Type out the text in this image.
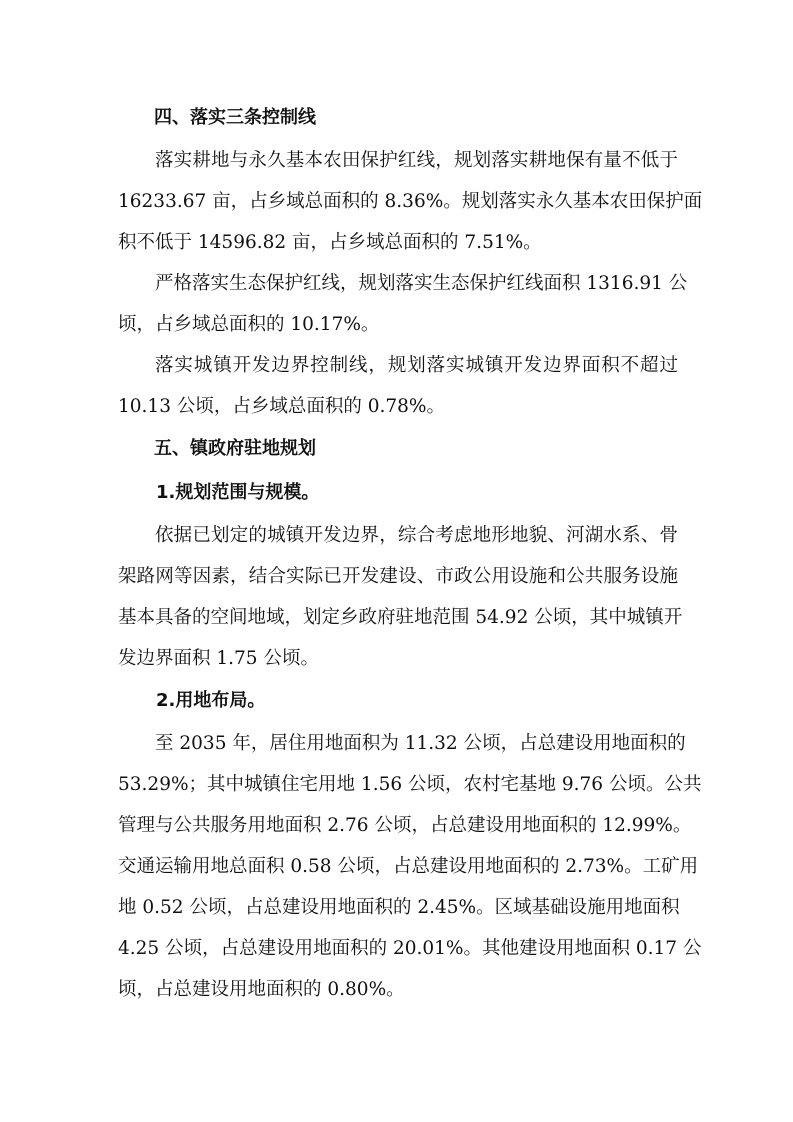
四、落实三条控制线

落实耕地与永久基本农田保护红线，规划落实耕地保有量不低于
16233.67 亩，占乡域总面积的 8.36%。规划落实永久基本农田保护面
积不低于 14596.82 亩，占乡域总面积的 7.51%。

严格落实生态保护红线，规划落实生态保护红线面积 1316.91 公
顷，占乡域总面积的 10.17%。

落实城镇开发边界控制线，规划落实城镇开发边界面积不超过
10.13 公顷，占乡域总面积的 0.78%。

五、镇政府驻地规划
1.规划范围与规模。

依据已划定的城镇开发边界，综合考虑地形地貌、河湖水系、骨
架路网等因素，结合实际已开发建设、市政公用设施和公共服务设施
基本具备的空间地域，划定乡政府驻地范围 54.92 公顷，其中城镇开
发边界面积 1.75 公顷。

2.用地布局。

至 2035 年，居住用地面积为 11.32 公顷，占总建设用地面积的
53.29%；其中城镇住宅用地 1.56 公顷，农村宅基地 9.76 公顷。公共
管理与公共服务用地面积 2.76 公顷，占总建设用地面积的 12.99%。
交通运输用地总面积 0.58 公顷，占总建设用地面积的 2.73%。工矿用
地 0.52 公顷，占总建设用地面积的 2.45%。区域基础设施用地面积
4.25 公顷，占总建设用地面积的 20.01%。其他建设用地面积 0.17 公
顷，占总建设用地面积的 0.80%。
